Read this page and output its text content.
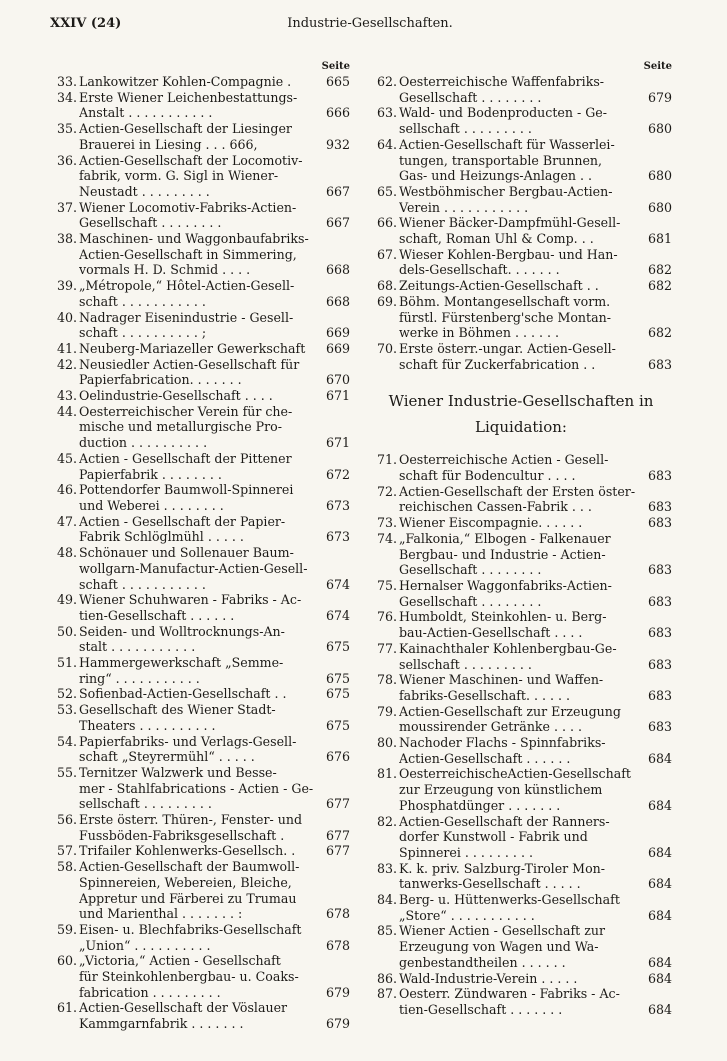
XXIV (24)	Industrie-Gesellschaften.
Seite
33. Lankowitzer Kohlen-Compagnie .	665
34. Erste Wiener Leichenbestattungs-
Anstalt . . . . . . . . . . .	666
35. Actien-Gesellschaft der Liesinger
Brauerei in Liesing . . . 666,	932
36. Actien-Gesellschaft der Locomotiv-
fabrik, vorm. G. Sigl in Wiener-
Neustadt . . . . . . . . .	667
37. Wiener Locomotiv-Fabriks-Actien-
Gesellschaft . . . . . . . .	667
38. Maschinen- und Waggonbaufabriks-
Actien-Gesellschaft in Simmering,
vormals H. D. Schmid . . . .	668
39. „Métropole,“ Hôtel-Actien-Gesell-
schaft . . . . . . . . . . .	668
40. Nadrager Eisenindustrie - Gesell-
schaft . . . . . . . . . . ;	669
41. Neuberg-Mariazeller Gewerkschaft	669
42. Neusiedler Actien-Gesellschaft für
Papierfabrication. . . . . . .	670
43. Oelindustrie-Gesellschaft . . . .	671
44. Oesterreichischer Verein für che-
mische und metallurgische Pro-
duction . . . . . . . . . .	671
45. Actien - Gesellschaft der Pittener
Papierfabrik . . . . . . . .	672
46. Pottendorfer Baumwoll-Spinnerei
und Weberei . . . . . . . .	673
47. Actien - Gesellschaft der Papier-
Fabrik Schlöglmühl . . . . .	673
48. Schönauer und Sollenauer Baum-
wollgarn-Manufactur-Actien-Gesell-
schaft . . . . . . . . . . .	674
49. Wiener Schuhwaren - Fabriks - Ac-
tien-Gesellschaft . . . . . .	674
50. Seiden- und Wolltrocknungs-An-
stalt . . . . . . . . . . .	675
51. Hammergewerkschaft „Semme-
ring“ . . . . . . . . . . .	675
52. Sofienbad-Actien-Gesellschaft . .	675
53. Gesellschaft des Wiener Stadt-
Theaters . . . . . . . . . .	675
54. Papierfabriks- und Verlags-Gesell-
schaft „Steyrermühl“ . . . . .	676
55. Ternitzer Walzwerk und Besse-
mer - Stahlfabrications - Actien - Ge-
sellschaft . . . . . . . . .	677
56. Erste österr. Thüren-, Fenster- und
Fussböden-Fabriksgesellschaft .	677
57. Trifailer Kohlenwerks-Gesellsch. .	677
58. Actien-Gesellschaft der Baumwoll-
Spinnereien, Webereien, Bleiche,
Appretur und Färberei zu Trumau
und Marienthal . . . . . . . :	678
59. Eisen- u. Blechfabriks-Gesellschaft
„Union“ . . . . . . . . . .	678
60. „Victoria,“ Actien - Gesellschaft
für Steinkohlenbergbau- u. Coaks-
fabrication . . . . . . . . .	679
61. Actien-Gesellschaft der Vöslauer
Kammgarnfabrik . . . . . . .	679
Seite
62. Oesterreichische Waffenfabriks-
Gesellschaft . . . . . . . .	679
63. Wald- und Bodenproducten - Ge-
sellschaft . . . . . . . . .	680
64. Actien-Gesellschaft für Wasserlei-
tungen, transportable Brunnen,
Gas- und Heizungs-Anlagen . .	680
65. Westböhmischer Bergbau-Actien-
Verein . . . . . . . . . . .	680
66. Wiener Bäcker-Dampfmühl-Gesell-
schaft, Roman Uhl & Comp. . .	681
67. Wieser Kohlen-Bergbau- und Han-
dels-Gesellschaft. . . . . . .	682
68. Zeitungs-Actien-Gesellschaft . .	682
69. Böhm. Montangesellschaft vorm.
fürstl. Fürstenberg'sche Montan-
werke in Böhmen . . . . . .	682
70. Erste österr.-ungar. Actien-Gesell-
schaft für Zuckerfabrication . .	683
Wiener Industrie-Gesellschaften in
Liquidation:
71. Oesterreichische Actien - Gesell-
schaft für Bodencultur . . . .	683
72. Actien-Gesellschaft der Ersten öster-
reichischen Cassen-Fabrik . . .	683
73. Wiener Eiscompagnie. . . . . .	683
74. „Falkonia,“ Elbogen - Falkenauer
Bergbau- und Industrie - Actien-
Gesellschaft . . . . . . . .	683
75. Hernalser Waggonfabriks-Actien-
Gesellschaft . . . . . . . .	683
76. Humboldt, Steinkohlen- u. Berg-
bau-Actien-Gesellschaft . . . .	683
77. Kainachthaler Kohlenbergbau-Ge-
sellschaft . . . . . . . . .	683
78. Wiener Maschinen- und Waffen-
fabriks-Gesellschaft. . . . . .	683
79. Actien-Gesellschaft zur Erzeugung
moussirender Getränke . . . .	683
80. Nachoder Flachs - Spinnfabriks-
Actien-Gesellschaft . . . . . .	684
81. OesterreichischeActien-Gesellschaft
zur Erzeugung von künstlichem
Phosphatdünger . . . . . . .	684
82. Actien-Gesellschaft der Ranners-
dorfer Kunstwoll - Fabrik und
Spinnerei . . . . . . . . .	684
83. K. k. priv. Salzburg-Tiroler Mon-
tanwerks-Gesellschaft . . . . .	684
84. Berg- u. Hüttenwerks-Gesellschaft
„Store“ . . . . . . . . . . .	684
85. Wiener Actien - Gesellschaft zur
Erzeugung von Wagen und Wa-
genbestandtheilen . . . . . .	684
86. Wald-Industrie-Verein . . . . .	684
87. Oesterr. Zündwaren - Fabriks - Ac-
tien-Gesellschaft . . . . . . .	684
